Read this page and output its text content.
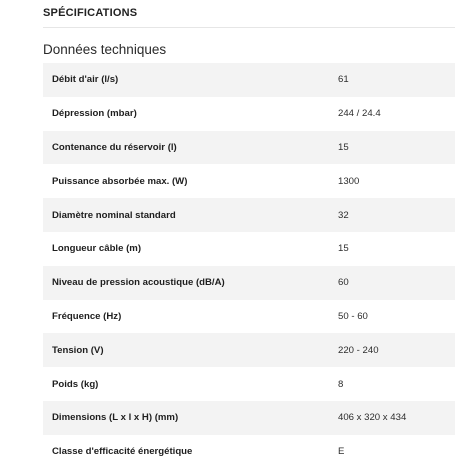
SPÉCIFICATIONS
Données techniques
Débit d'air (l/s)	61
Dépression (mbar)	244 / 24.4
Contenance du réservoir (l)	15
Puissance absorbée max. (W)	1300
Diamètre nominal standard	32
Longueur câble (m)	15
Niveau de pression acoustique (dB/A)	60
Fréquence (Hz)	50 - 60
Tension (V)	220 - 240
Poids (kg)	8
Dimensions (L x l x H) (mm)	406 x 320 x 434
Classe d'efficacité énergétique	E
